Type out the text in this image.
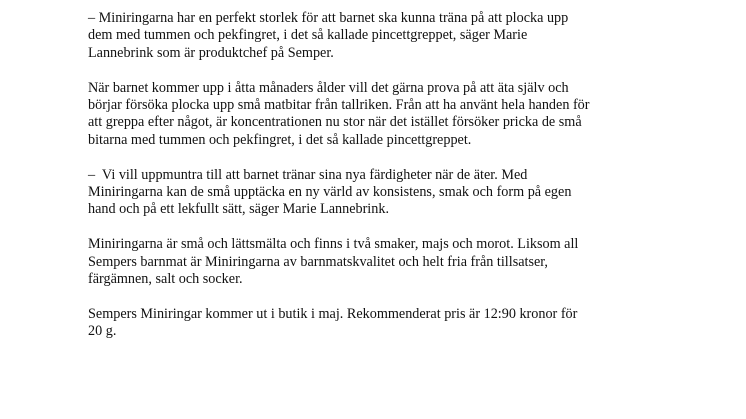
– Miniringarna har en perfekt storlek för att barnet ska kunna träna på att plocka upp
dem med tummen och pekfingret, i det så kallade pincettgreppet, säger Marie
Lannebrink som är produktchef på Semper.

När barnet kommer upp i åtta månaders ålder vill det gärna prova på att äta själv och
börjar försöka plocka upp små matbitar från tallriken. Från att ha använt hela handen för
att greppa efter något, är koncentrationen nu stor när det istället försöker pricka de små
bitarna med tummen och pekfingret, i det så kallade pincettgreppet.

–  Vi vill uppmuntra till att barnet tränar sina nya färdigheter när de äter. Med
Miniringarna kan de små upptäcka en ny värld av konsistens, smak och form på egen
hand och på ett lekfullt sätt, säger Marie Lannebrink.

Miniringarna är små och lättsmälta och finns i två smaker, majs och morot. Liksom all
Sempers barnmat är Miniringarna av barnmatskvalitet och helt fria från tillsatser,
färgämnen, salt och socker.

Sempers Miniringar kommer ut i butik i maj. Rekommenderat pris är 12:90 kronor för
20 g.
